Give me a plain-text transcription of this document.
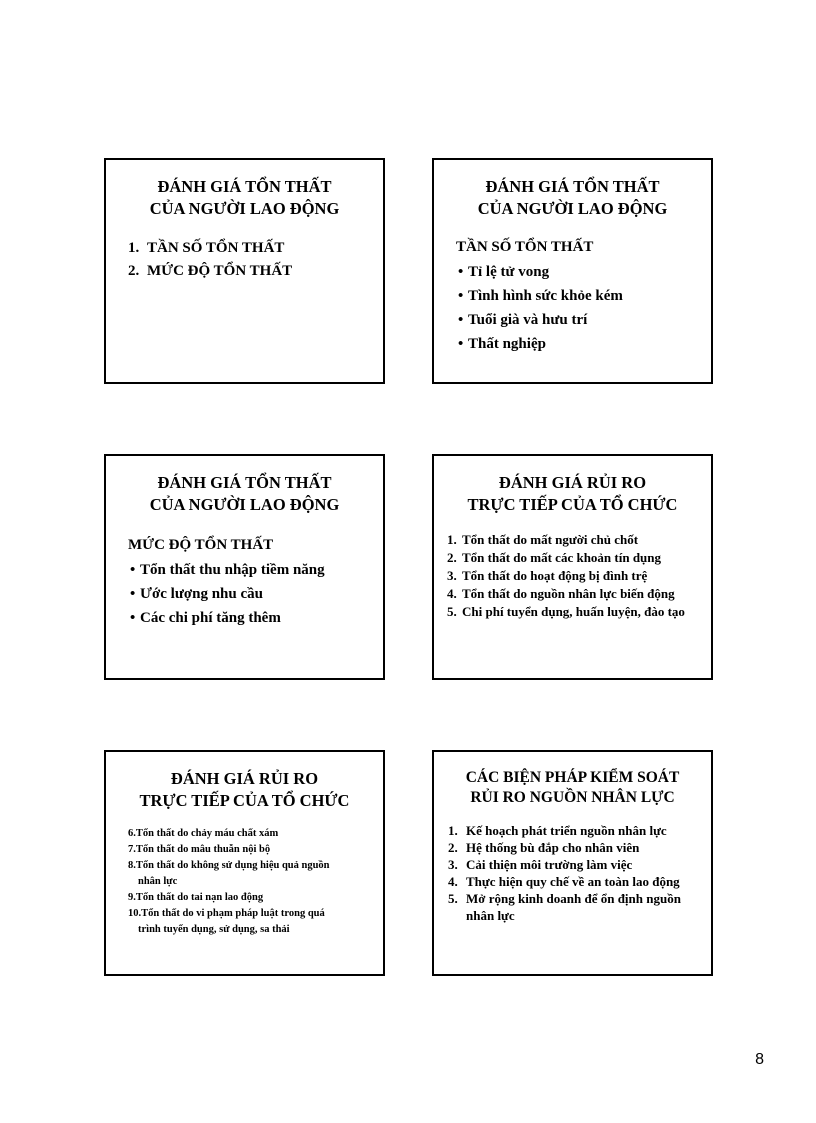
ĐÁNH GIÁ TỔN THẤT
CỦA NGƯỜI LAO ĐỘNG
1. TẦN SỐ TỔN THẤT
2. MỨC ĐỘ TỔN THẤT
ĐÁNH GIÁ TỔN THẤT
CỦA NGƯỜI LAO ĐỘNG
TẦN SỐ TỔN THẤT
• Tỉ lệ tử vong
• Tình hình sức khỏe kém
• Tuổi già và hưu trí
• Thất nghiệp
ĐÁNH GIÁ TỔN THẤT
CỦA NGƯỜI LAO ĐỘNG
MỨC ĐỘ TỔN THẤT
• Tổn thất thu nhập tiềm năng
• Ước lượng nhu cầu
• Các chi phí tăng thêm
ĐÁNH GIÁ RỦI RO
TRỰC TIẾP CỦA TỔ CHỨC
1. Tổn thất do mất người chủ chốt
2. Tổn thất do mất các khoản tín dụng
3. Tổn thất do hoạt động bị đình trệ
4. Tổn thất do nguồn nhân lực biến động
5. Chi phí tuyển dụng, huấn luyện, đào tạo
ĐÁNH GIÁ RỦI RO
TRỰC TIẾP CỦA TỔ CHỨC
6.Tổn thất do chảy máu chất xám
7.Tổn thất do mâu thuẫn nội bộ
8.Tổn thất do không sử dụng hiệu quả nguồn nhân lực
9.Tổn thất do tai nạn lao động
10.Tổn thất do vi phạm pháp luật trong quá trình tuyển dụng, sử dụng, sa thải
CÁC BIỆN PHÁP KIỂM SOÁT
RỦI RO NGUỒN NHÂN LỰC
1. Kế hoạch phát triển nguồn nhân lực
2. Hệ thống bù đắp cho nhân viên
3. Cải thiện môi trường làm việc
4. Thực hiện quy chế về an toàn lao động
5. Mở rộng kinh doanh để ổn định nguồn nhân lực
8
